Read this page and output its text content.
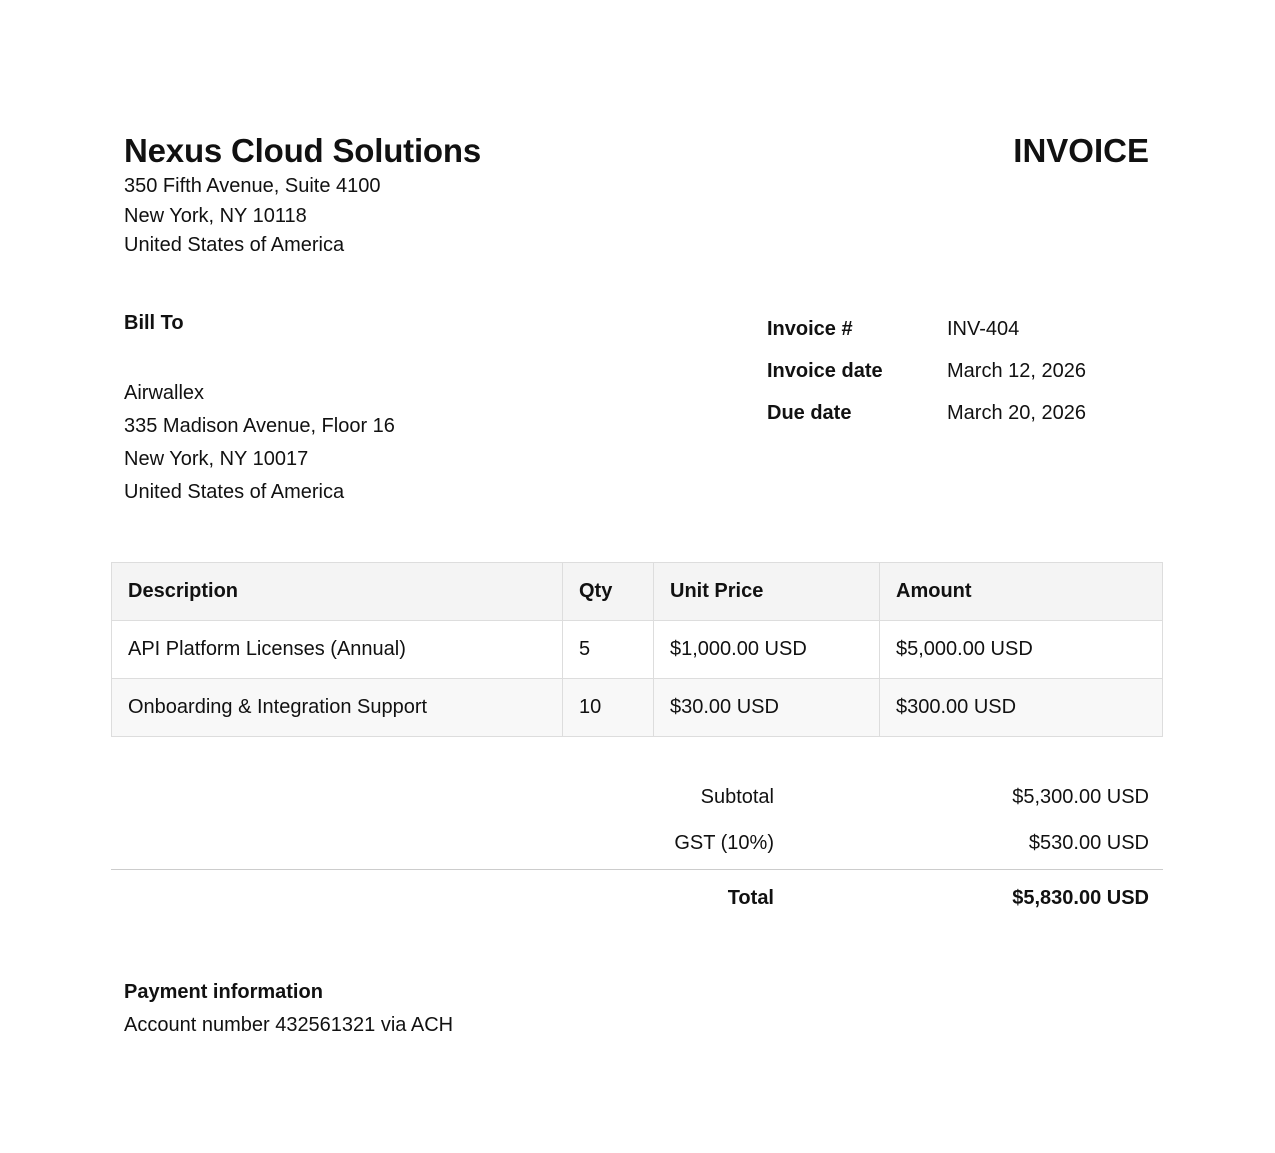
Nexus Cloud Solutions
350 Fifth Avenue, Suite 4100
New York, NY 10118
United States of America
INVOICE
Bill To
Airwallex
335 Madison Avenue, Floor 16
New York, NY 10017
United States of America
Invoice #	INV-404
Invoice date	March 12, 2026
Due date	March 20, 2026
Description	Qty	Unit Price	Amount
API Platform Licenses (Annual)	5	$1,000.00 USD	$5,000.00 USD
Onboarding & Integration Support	10	$30.00 USD	$300.00 USD
Subtotal	$5,300.00 USD
GST (10%)	$530.00 USD
Total	$5,830.00 USD
Payment information
Account number 432561321 via ACH
